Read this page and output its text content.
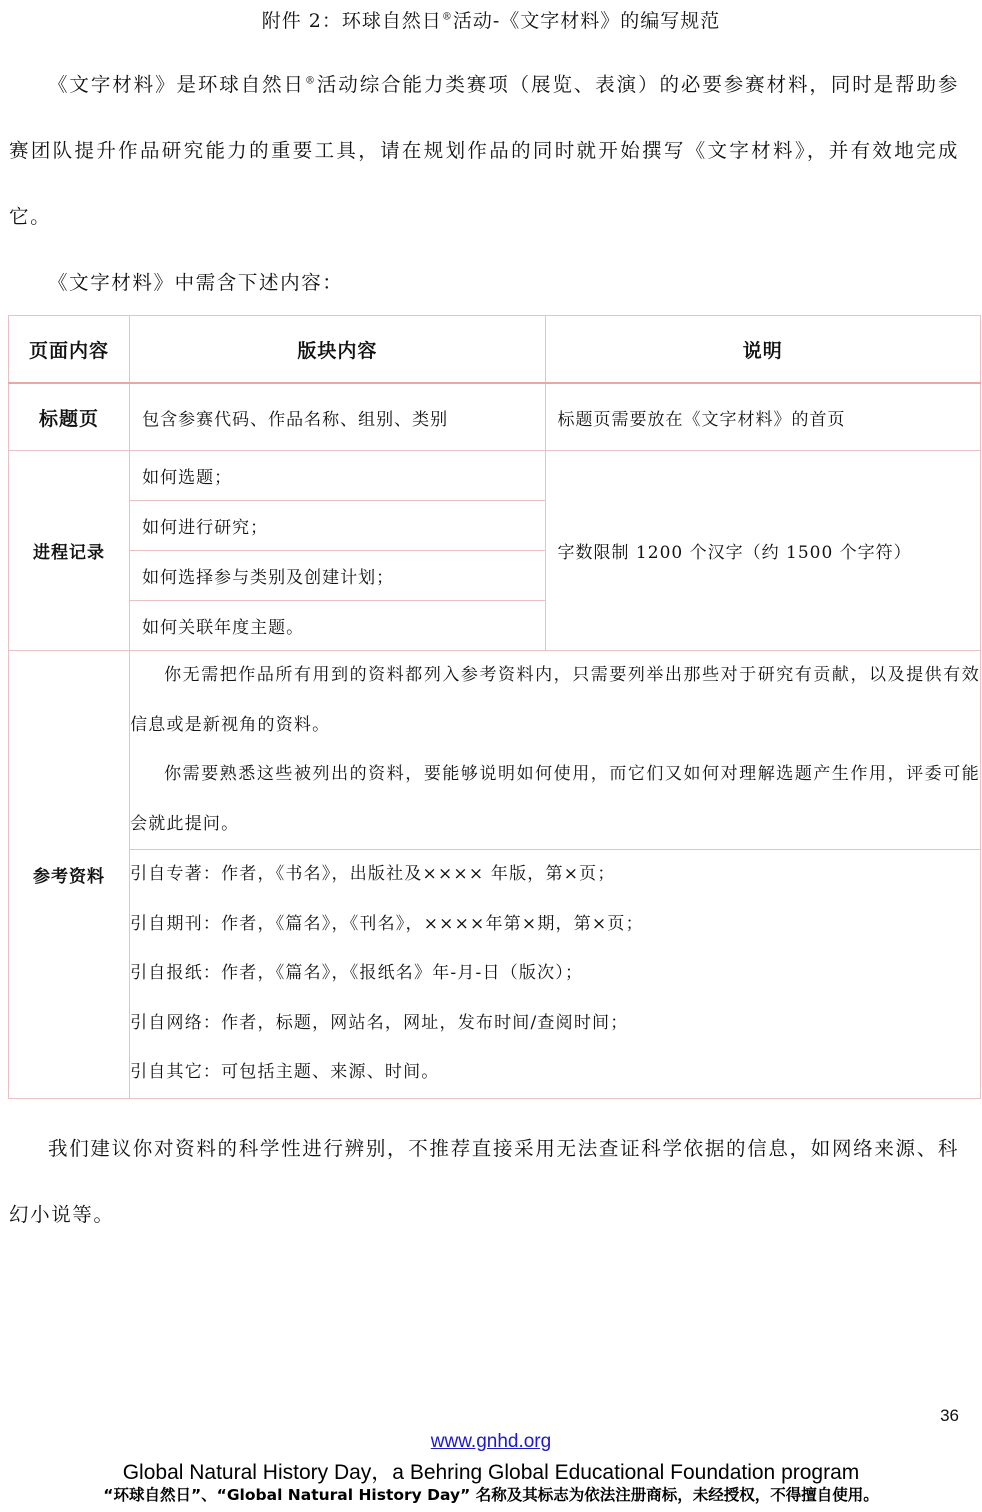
附件 2：环球自然日®活动-《文字材料》的编写规范
《文字材料》是环球自然日®活动综合能力类赛项（展览、表演）的必要参赛材料，同时是帮助参赛团队提升作品研究能力的重要工具，请在规划作品的同时就开始撰写《文字材料》，并有效地完成它。
《文字材料》中需含下述内容：
页面内容	版块内容	说明
标题页	包含参赛代码、作品名称、组别、类别	标题页需要放在《文字材料》的首页
进程记录	如何选题；	字数限制 1200 个汉字（约 1500 个字符）
	如何进行研究；	
	如何选择参与类别及创建计划；	
	如何关联年度主题。	
参考资料	你无需把作品所有用到的资料都列入参考资料内，只需要列举出那些对于研究有贡献，以及提供有效信息或是新视角的资料。

你需要熟悉这些被列出的资料，要能够说明如何使用，而它们又如何对理解选题产生作用，评委可能会就此提问。	

	引自专著：作者，《书名》，出版社及×××× 年版，第×页；
引自期刊：作者，《篇名》，《刊名》，××××年第×期，第×页；
引自报纸：作者，《篇名》，《报纸名》年-月-日（版次）；
引自网络：作者，标题，网站名，网址，发布时间/查阅时间；
引自其它：可包括主题、来源、时间。	
我们建议你对资料的科学性进行辨别，不推荐直接采用无法查证科学依据的信息，如网络来源、科幻小说等。
36
www.gnhd.org
Global Natural History Day，a Behring Global Educational Foundation program
“环球自然日”、“Global Natural History Day” 名称及其标志为依法注册商标，未经授权，不得擅自使用。
